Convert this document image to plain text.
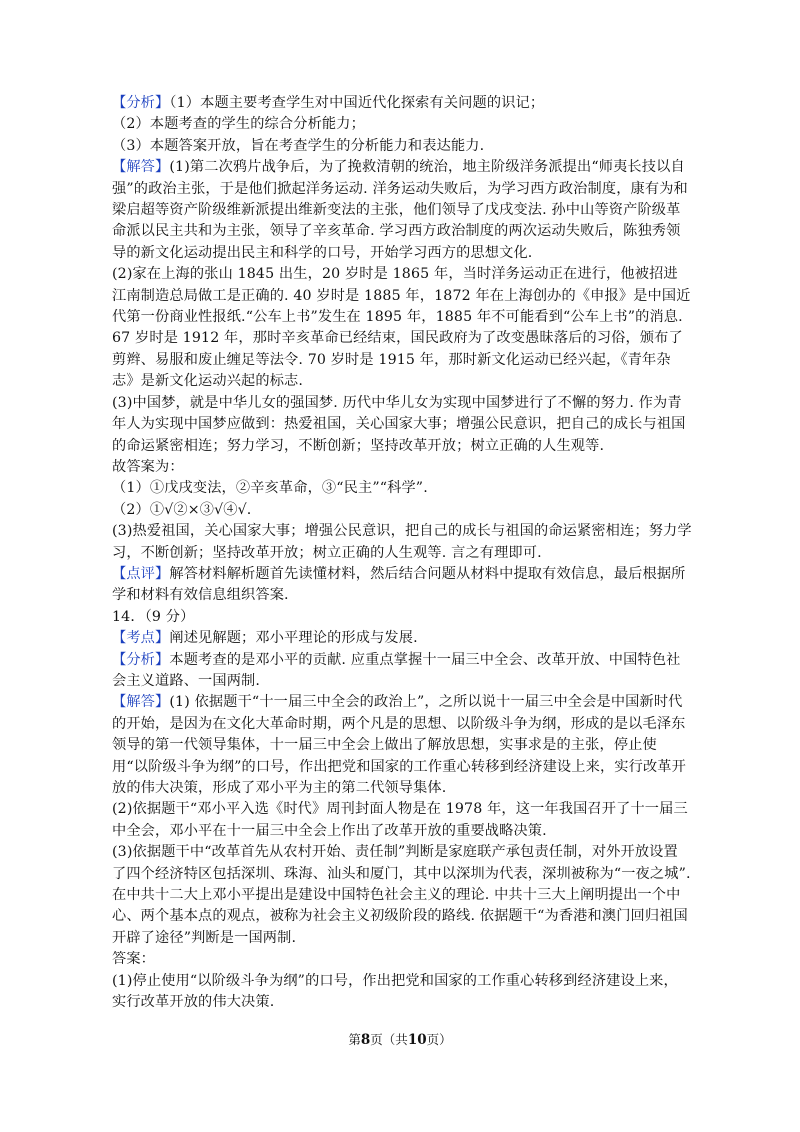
【分析】（1）本题主要考查学生对中国近代化探索有关问题的识记；

（2）本题考查的学生的综合分析能力；

（3）本题答案开放，旨在考查学生的分析能力和表达能力.

【解答】(1)第二次鸦片战争后，为了挽救清朝的统治，地主阶级洋务派提出“师夷长技以自强”的政治主张，于是他们掀起洋务运动. 洋务运动失败后，为学习西方政治制度，康有为和梁启超等资产阶级维新派提出维新变法的主张，他们领导了戊戌变法. 孙中山等资产阶级革命派以民主共和为主张，领导了辛亥革命. 学习西方政治制度的两次运动失败后，陈独秀领导的新文化运动提出民主和科学的口号，开始学习西方的思想文化.

(2)家在上海的张山 1845 出生，20 岁时是 1865 年，当时洋务运动正在进行，他被招进江南制造总局做工是正确的. 40 岁时是 1885 年，1872 年在上海创办的《申报》是中国近代第一份商业性报纸.“公车上书”发生在 1895 年，1885 年不可能看到“公车上书”的消息. 67 岁时是 1912 年，那时辛亥革命已经结束，国民政府为了改变愚昧落后的习俗，颁布了剪辫、易服和废止缠足等法令. 70 岁时是 1915 年，那时新文化运动已经兴起，《青年杂志》是新文化运动兴起的标志.

(3)中国梦，就是中华儿女的强国梦. 历代中华儿女为实现中国梦进行了不懈的努力. 作为青年人为实现中国梦应做到：热爱祖国，关心国家大事；增强公民意识，把自己的成长与祖国的命运紧密相连；努力学习，不断创新；坚持改革开放；树立正确的人生观等.

故答案为：

（1）①戊戌变法，②辛亥革命，③“民主”“科学”.

（2）①√②×③√④√.

(3)热爱祖国，关心国家大事；增强公民意识，把自己的成长与祖国的命运紧密相连；努力学习，不断创新；坚持改革开放；树立正确的人生观等. 言之有理即可.

【点评】解答材料解析题首先读懂材料，然后结合问题从材料中提取有效信息，最后根据所学和材料有效信息组织答案.

14．（9 分）

【考点】阐述见解题；邓小平理论的形成与发展.

【分析】本题考查的是邓小平的贡献. 应重点掌握十一届三中全会、改革开放、中国特色社会主义道路、一国两制.

【解答】(1) 依据题干“十一届三中全会的政治上”，之所以说十一届三中全会是中国新时代的开始，是因为在文化大革命时期，两个凡是的思想、以阶级斗争为纲，形成的是以毛泽东领导的第一代领导集体，十一届三中全会上做出了解放思想，实事求是的主张，停止使用“以阶级斗争为纲”的口号，作出把党和国家的工作重心转移到经济建设上来，实行改革开放的伟大决策，形成了邓小平为主的第二代领导集体.

(2)依据题干“邓小平入选《时代》周刊封面人物是在 1978 年，这一年我国召开了十一届三中全会，邓小平在十一届三中全会上作出了改革开放的重要战略决策.

(3)依据题干中“改革首先从农村开始、责任制”判断是家庭联产承包责任制，对外开放设置了四个经济特区包括深圳、珠海、汕头和厦门，其中以深圳为代表，深圳被称为“一夜之城”. 在中共十二大上邓小平提出是建设中国特色社会主义的理论. 中共十三大上阐明提出一个中心、两个基本点的观点，被称为社会主义初级阶段的路线. 依据题干“为香港和澳门回归祖国开辟了途径”判断是一国两制.

答案：

(1)停止使用“以阶级斗争为纲”的口号，作出把党和国家的工作重心转移到经济建设上来，实行改革开放的伟大决策.

第8页（共10页）
